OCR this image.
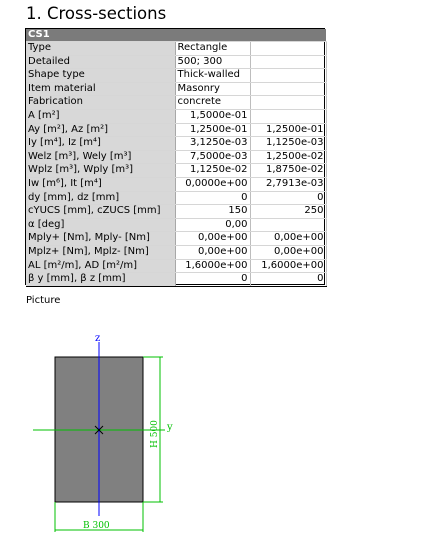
1. Cross-sections
CS1		
Type	Rectangle	
Detailed	500; 300	
Shape type	Thick-walled	
Item material	Masonry	
Fabrication	concrete	
A [m²]	1,5000e-01	
Ay [m²], Az [m²]	1,2500e-01	1,2500e-01
Iy [m⁴], Iz [m⁴]	3,1250e-03	1,1250e-03
Welz [m³], Wely [m³]	7,5000e-03	1,2500e-02
Wplz [m³], Wply [m³]	1,1250e-02	1,8750e-02
Iw [m⁶], It [m⁴]	0,0000e+00	2,7913e-03
dy [mm], dz [mm]	0	0
cYUCS [mm], cZUCS [mm]	150	250
α [deg]	0,00	
Mply+ [Nm], Mply- [Nm]	0,00e+00	0,00e+00
Mplz+ [Nm], Mplz- [Nm]	0,00e+00	0,00e+00
AL [m²/m], AD [m²/m]	1,6000e+00	1,6000e+00
β y [mm], β z [mm]	0	0
Picture
z
y
H 500
B 300
